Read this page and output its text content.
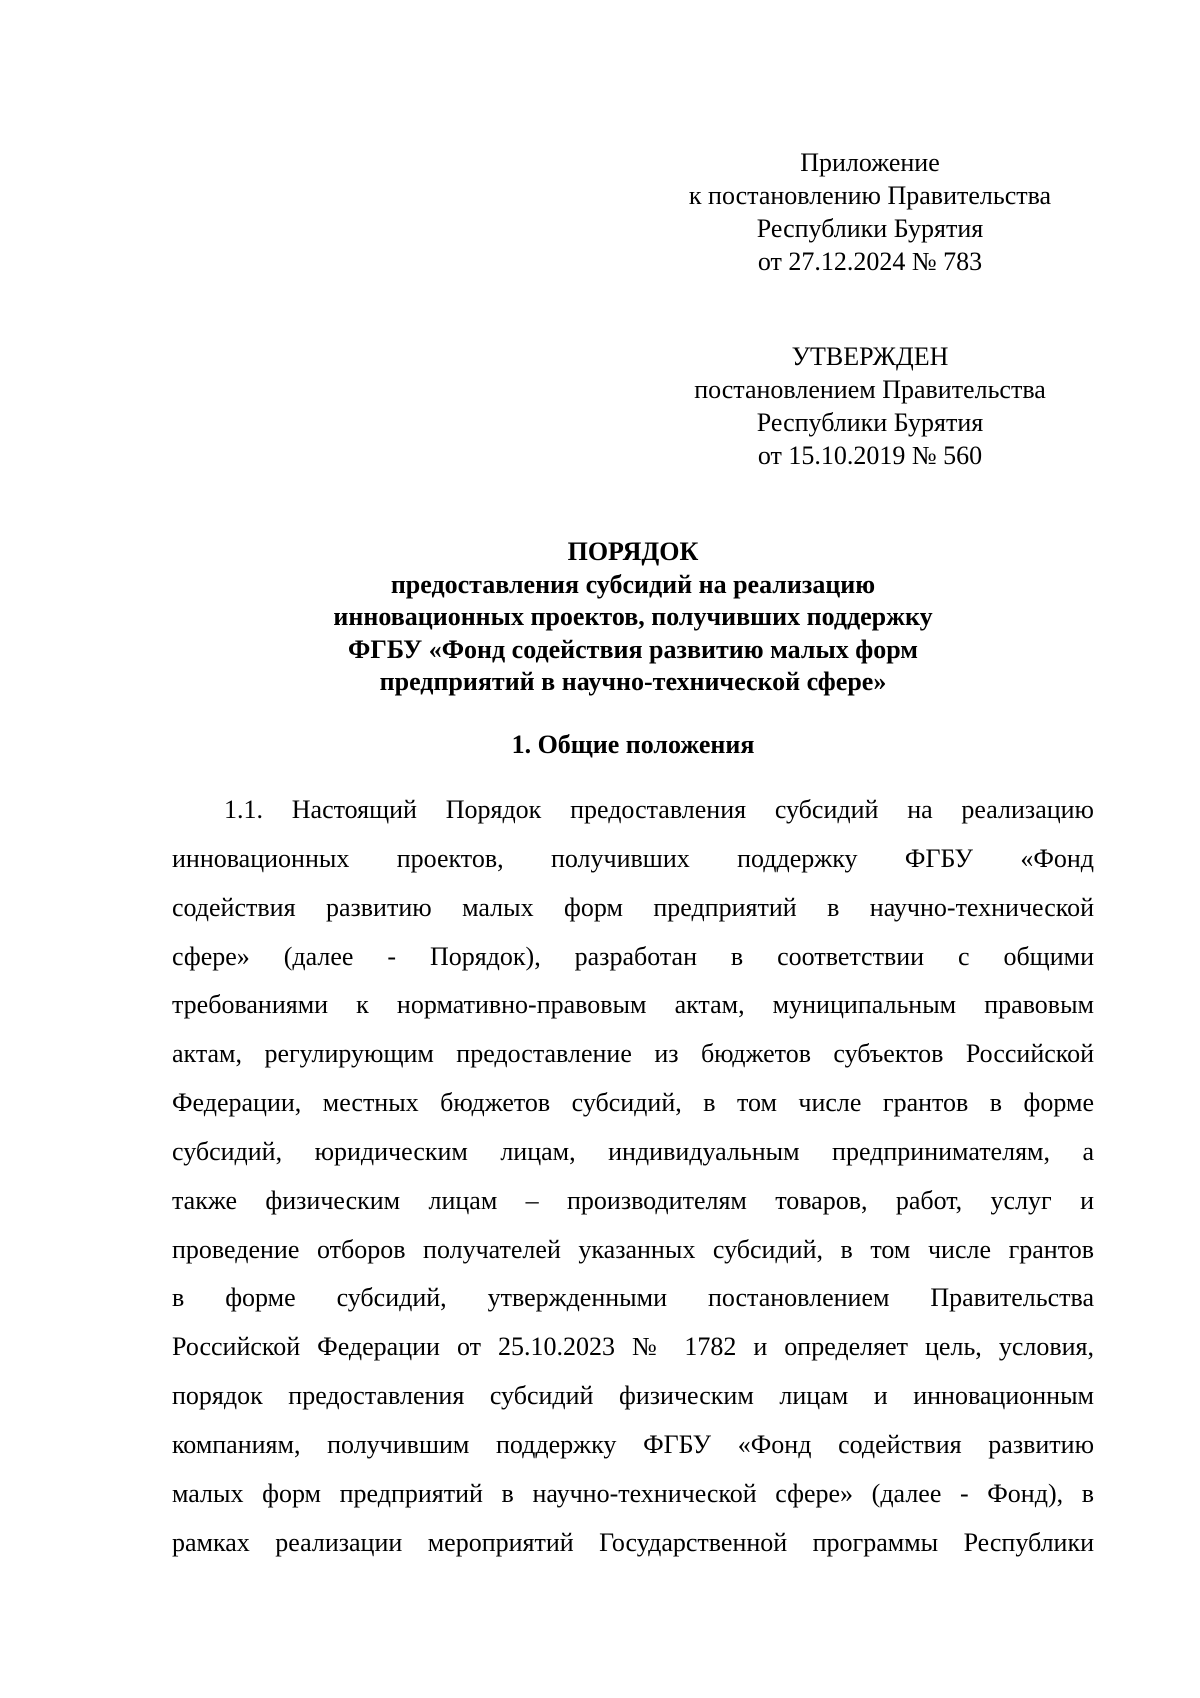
Приложение
к постановлению Правительства
Республики Бурятия
от 27.12.2024 № 783
УТВЕРЖДЕН
постановлением Правительства
Республики Бурятия
от 15.10.2019 № 560
ПОРЯДОК
предоставления субсидий на реализацию
инновационных проектов, получивших поддержку
ФГБУ «Фонд содействия развитию малых форм
предприятий в научно-технической сфере»
1. Общие положения
1.1. Настоящий Порядок предоставления субсидий на реализацию
инновационных проектов, получивших поддержку ФГБУ «Фонд
содействия развитию малых форм предприятий в научно-технической
сфере» (далее - Порядок), разработан в соответствии с общими
требованиями к нормативно-правовым актам, муниципальным правовым
актам, регулирующим предоставление из бюджетов субъектов Российской
Федерации, местных бюджетов субсидий, в том числе грантов в форме
субсидий, юридическим лицам, индивидуальным предпринимателям, а
также физическим лицам – производителям товаров, работ, услуг и
проведение отборов получателей указанных субсидий, в том числе грантов
в форме субсидий, утвержденными постановлением Правительства
Российской Федерации от 25.10.2023 № 1782 и определяет цель, условия,
порядок предоставления субсидий физическим лицам и инновационным
компаниям, получившим поддержку ФГБУ «Фонд содействия развитию
малых форм предприятий в научно-технической сфере» (далее - Фонд), в
рамках реализации мероприятий Государственной программы Республики
